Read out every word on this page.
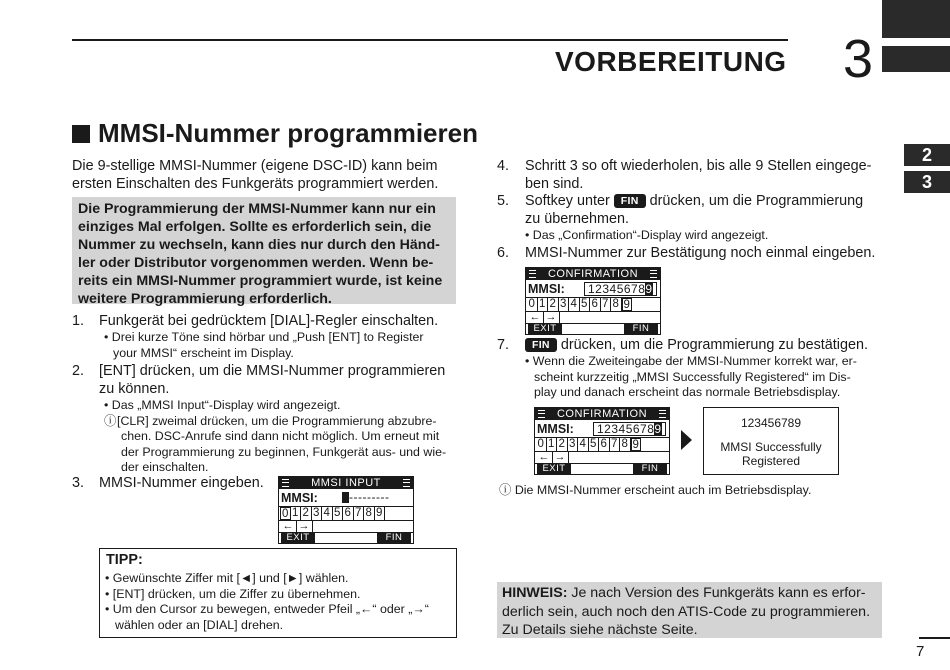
VORBEREITUNG 3
2
3
MMSI-Nummer programmieren
Die 9-stellige MMSI-Nummer (eigene DSC-ID) kann beim
ersten Einschalten des Funkgeräts programmiert werden.
Die Programmierung der MMSI-Nummer kann nur ein
einziges Mal erfolgen. Sollte es erforderlich sein, die
Nummer zu wechseln, kann dies nur durch den Händ-
ler oder Distributor vorgenommen werden. Wenn be-
reits ein MMSI-Nummer programmiert wurde, ist keine
weitere Programmierung erforderlich.
1. Funkgerät bei gedrücktem [DIAL]-Regler einschalten.
• Drei kurze Töne sind hörbar und „Push [ENT] to Register
your MMSI“ erscheint im Display.
2. [ENT] drücken, um die MMSI-Nummer programmieren
zu können.
• Das „MMSI Input“-Display wird angezeigt.
ⓘ [CLR] zweimal drücken, um die Programmierung abzubre-
chen. DSC-Anrufe sind dann nicht möglich. Um erneut mit
der Programmierung zu beginnen, Funkgerät aus- und wie-
der einschalten.
3. MMSI-Nummer eingeben.	MMSI INPUT
MMSI:	---------
0 1 2 3 4 5 6 7 8 9
← →
EXIT	FIN
TIPP:
• Gewünschte Ziffer mit [◄] und [►] wählen.
• [ENT] drücken, um die Ziffer zu übernehmen.
• Um den Cursor zu bewegen, entweder Pfeil „←“ oder „→“
wählen oder an [DIAL] drehen.
4. Schritt 3 so oft wiederholen, bis alle 9 Stellen eingege-
ben sind.
5. Softkey unter FIN drücken, um die Programmierung
zu übernehmen.
• Das „Confirmation“-Display wird angezeigt.
6. MMSI-Nummer zur Bestätigung noch einmal eingeben.
CONFIRMATION
MMSI:	123456789
0 1 2 3 4 5 6 7 8 9
← →
EXIT	FIN
7. FIN drücken, um die Programmierung zu bestätigen.
• Wenn die Zweiteingabe der MMSI-Nummer korrekt war, er-
scheint kurzzeitig „MMSI Successfully Registered“ im Dis-
play und danach erscheint das normale Betriebsdisplay.
CONFIRMATION
MMSI:	123456789
0 1 2 3 4 5 6 7 8 9
← →
EXIT	FIN
123456789
MMSI Successfully
Registered
ⓘ Die MMSI-Nummer erscheint auch im Betriebsdisplay.
HINWEIS: Je nach Version des Funkgeräts kann es erfor-
derlich sein, auch noch den ATIS-Code zu programmieren.
Zu Details siehe nächste Seite.
7
